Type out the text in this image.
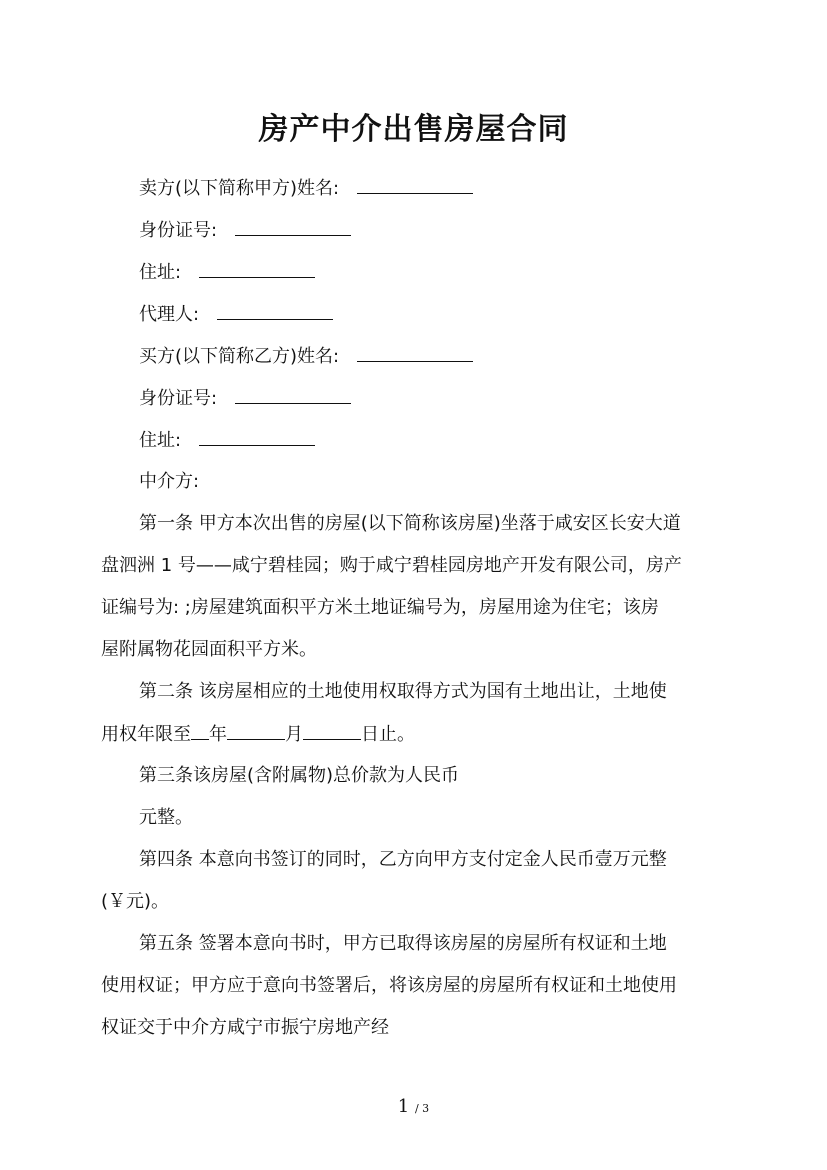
房产中介出售房屋合同
卖方(以下简称甲方)姓名:
身份证号:
住址:
代理人:
买方(以下简称乙方)姓名:
身份证号:
住址:
中介方:
第一条 甲方本次出售的房屋(以下简称该房屋)坐落于咸安区长安大道
盘泗洲 1 号——咸宁碧桂园；购于咸宁碧桂园房地产开发有限公司，房产
证编号为: ;房屋建筑面积平方米土地证编号为，房屋用途为住宅；该房
屋附属物花园面积平方米。
第二条 该房屋相应的土地使用权取得方式为国有土地出让，土地使
用权年限至 年	月	日止。
第三条该房屋(含附属物)总价款为人民币
元整。
第四条 本意向书签订的同时，乙方向甲方支付定金人民币壹万元整
(￥元)。
第五条 签署本意向书时，甲方已取得该房屋的房屋所有权证和土地
使用权证；甲方应于意向书签署后，将该房屋的房屋所有权证和土地使用
权证交于中介方咸宁市振宁房地产经
1 / 3
